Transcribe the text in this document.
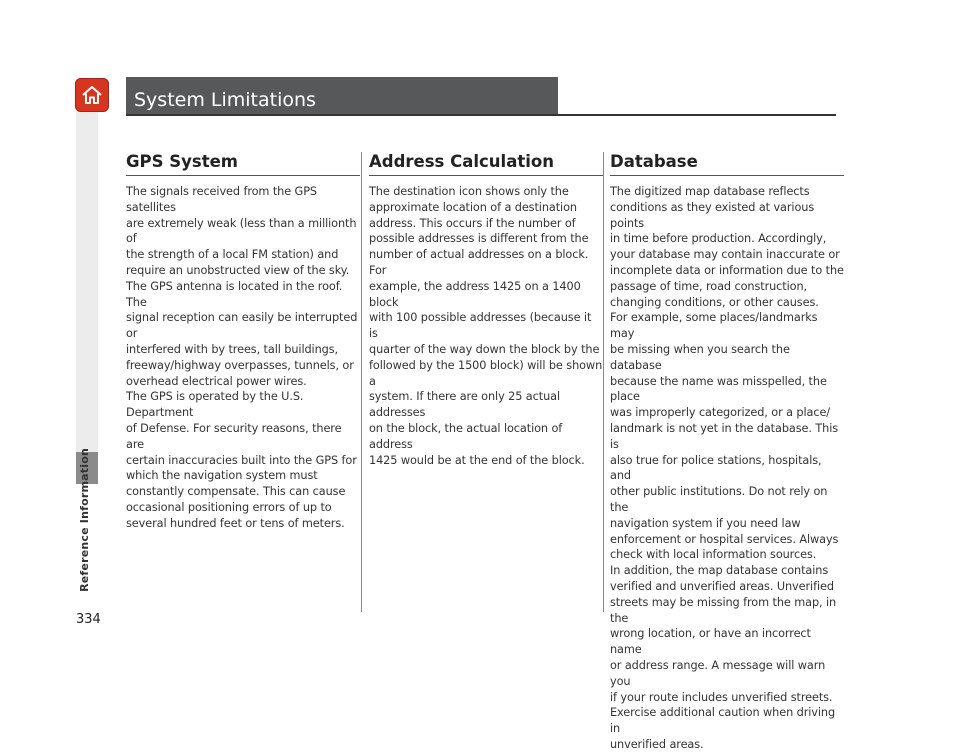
Reference Information
System Limitations
GPS System

The signals received from the GPS satellites
are extremely weak (less than a millionth of
the strength of a local FM station) and
require an unobstructed view of the sky.
The GPS antenna is located in the roof. The
signal reception can easily be interrupted or
interfered with by trees, tall buildings,
freeway/highway overpasses, tunnels, or
overhead electrical power wires.
The GPS is operated by the U.S. Department
of Defense. For security reasons, there are
certain inaccuracies built into the GPS for
which the navigation system must
constantly compensate. This can cause
occasional positioning errors of up to
several hundred feet or tens of meters.

Address Calculation

The destination icon shows only the
approximate location of a destination
address. This occurs if the number of
possible addresses is different from the
number of actual addresses on a block. For
example, the address 1425 on a 1400 block
with 100 possible addresses (because it is
quarter of the way down the block by the
followed by the 1500 block) will be shown a
system. If there are only 25 actual addresses
on the block, the actual location of address
1425 would be at the end of the block.

Database

The digitized map database reflects
conditions as they existed at various points
in time before production. Accordingly,
your database may contain inaccurate or
incomplete data or information due to the
passage of time, road construction,
changing conditions, or other causes.
For example, some places/landmarks may
be missing when you search the database
because the name was misspelled, the place
was improperly categorized, or a place/
landmark is not yet in the database. This is
also true for police stations, hospitals, and
other public institutions. Do not rely on the
navigation system if you need law
enforcement or hospital services. Always
check with local information sources.
In addition, the map database contains
verified and unverified areas. Unverified
streets may be missing from the map, in the
wrong location, or have an incorrect name
or address range. A message will warn you
if your route includes unverified streets.
Exercise additional caution when driving in
unverified areas.

334
